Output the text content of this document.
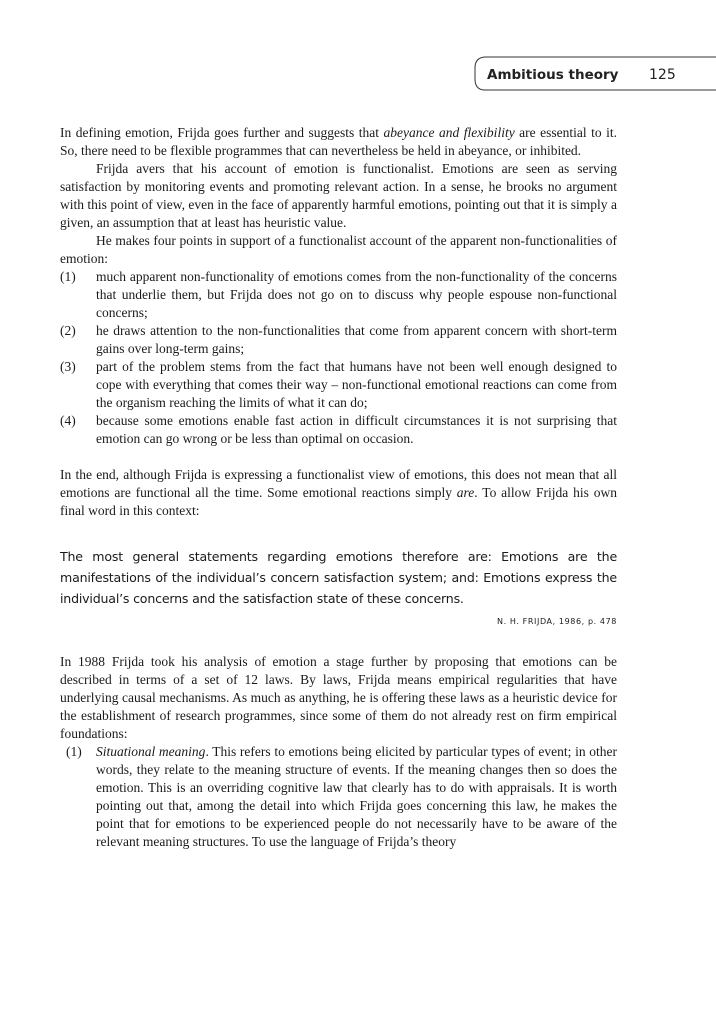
Ambitious theory 125

In defining emotion, Frijda goes further and suggests that abeyance and flexibility are essential to it. So, there need to be flexible programmes that can nevertheless be held in abeyance, or inhibited.

Frijda avers that his account of emotion is functionalist. Emotions are seen as serving satisfaction by monitoring events and promoting relevant action. In a sense, he brooks no argument with this point of view, even in the face of apparently harmful emotions, pointing out that it is simply a given, an assumption that at least has heuristic value.

He makes four points in support of a functionalist account of the apparent non-functionalities of emotion:

(1) much apparent non-functionality of emotions comes from the non-functionality of the concerns that underlie them, but Frijda does not go on to discuss why people espouse non-functional concerns;
(2) he draws attention to the non-functionalities that come from apparent concern with short-term gains over long-term gains;
(3) part of the problem stems from the fact that humans have not been well enough designed to cope with everything that comes their way – non-functional emotional reactions can come from the organism reaching the limits of what it can do;
(4) because some emotions enable fast action in difficult circumstances it is not surprising that emotion can go wrong or be less than optimal on occasion.

In the end, although Frijda is expressing a functionalist view of emotions, this does not mean that all emotions are functional all the time. Some emotional reactions simply are. To allow Frijda his own final word in this context:

The most general statements regarding emotions therefore are: Emotions are the manifestations of the individual’s concern satisfaction system; and: Emotions express the individual’s concerns and the satisfaction state of these concerns.

N. H. FRIJDA, 1986, p. 478

In 1988 Frijda took his analysis of emotion a stage further by proposing that emotions can be described in terms of a set of 12 laws. By laws, Frijda means empirical regularities that have underlying causal mechanisms. As much as anything, he is offering these laws as a heuristic device for the establishment of research programmes, since some of them do not already rest on firm empirical foundations:

(1) Situational meaning. This refers to emotions being elicited by particular types of event; in other words, they relate to the meaning structure of events. If the meaning changes then so does the emotion. This is an overriding cognitive law that clearly has to do with appraisals. It is worth pointing out that, among the detail into which Frijda goes concerning this law, he makes the point that for emotions to be experienced people do not necessarily have to be aware of the relevant meaning structures. To use the language of Frijda’s theory
